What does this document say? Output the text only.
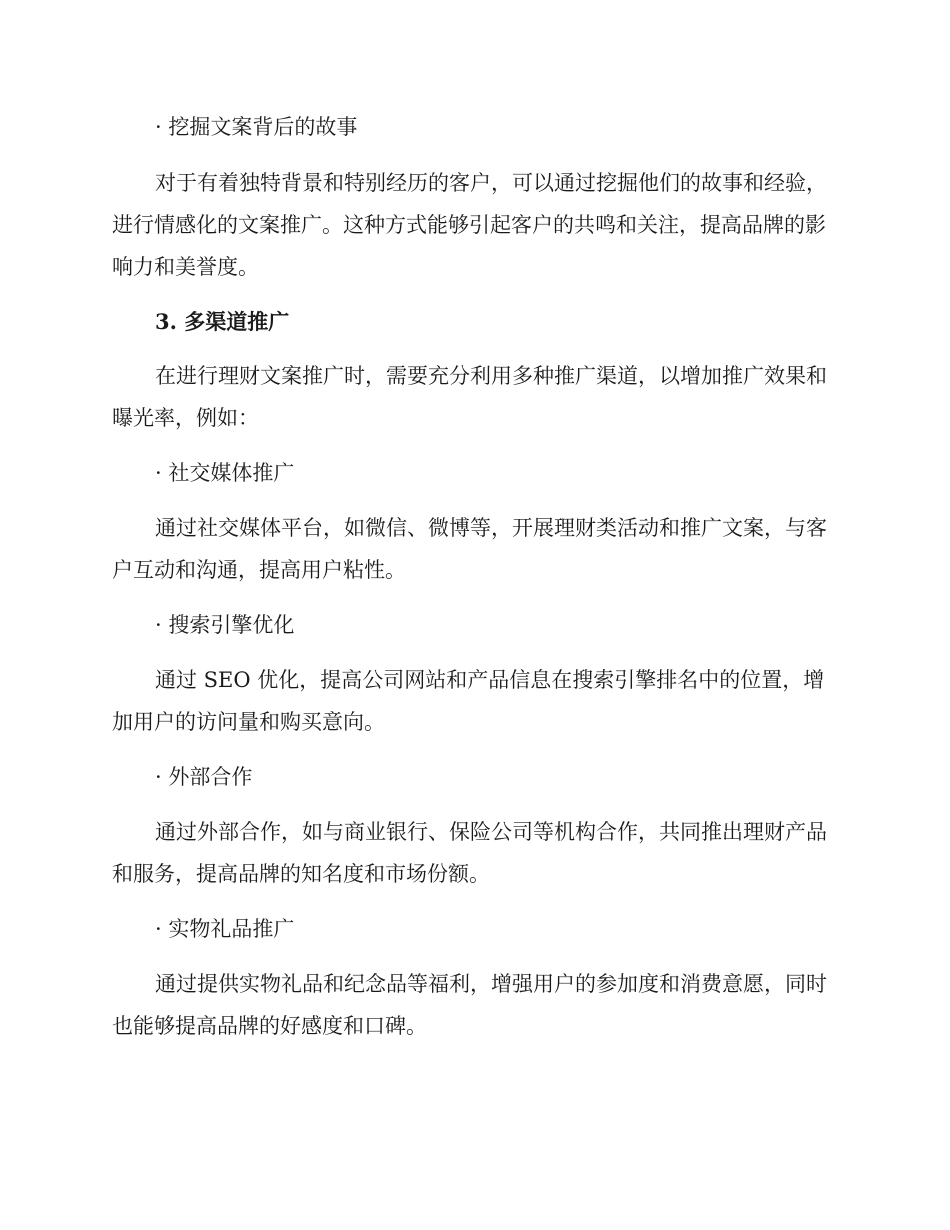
· 挖掘文案背后的故事
对于有着独特背景和特别经历的客户，可以通过挖掘他们的故事和经验，进行情感化的文案推广。这种方式能够引起客户的共鸣和关注，提高品牌的影响力和美誉度。
3. 多渠道推广
在进行理财文案推广时，需要充分利用多种推广渠道，以增加推广效果和曝光率，例如：
· 社交媒体推广
通过社交媒体平台，如微信、微博等，开展理财类活动和推广文案，与客户互动和沟通，提高用户粘性。
· 搜索引擎优化
通过 SEO 优化，提高公司网站和产品信息在搜索引擎排名中的位置，增加用户的访问量和购买意向。
· 外部合作
通过外部合作，如与商业银行、保险公司等机构合作，共同推出理财产品和服务，提高品牌的知名度和市场份额。
· 实物礼品推广
通过提供实物礼品和纪念品等福利，增强用户的参加度和消费意愿，同时也能够提高品牌的好感度和口碑。
